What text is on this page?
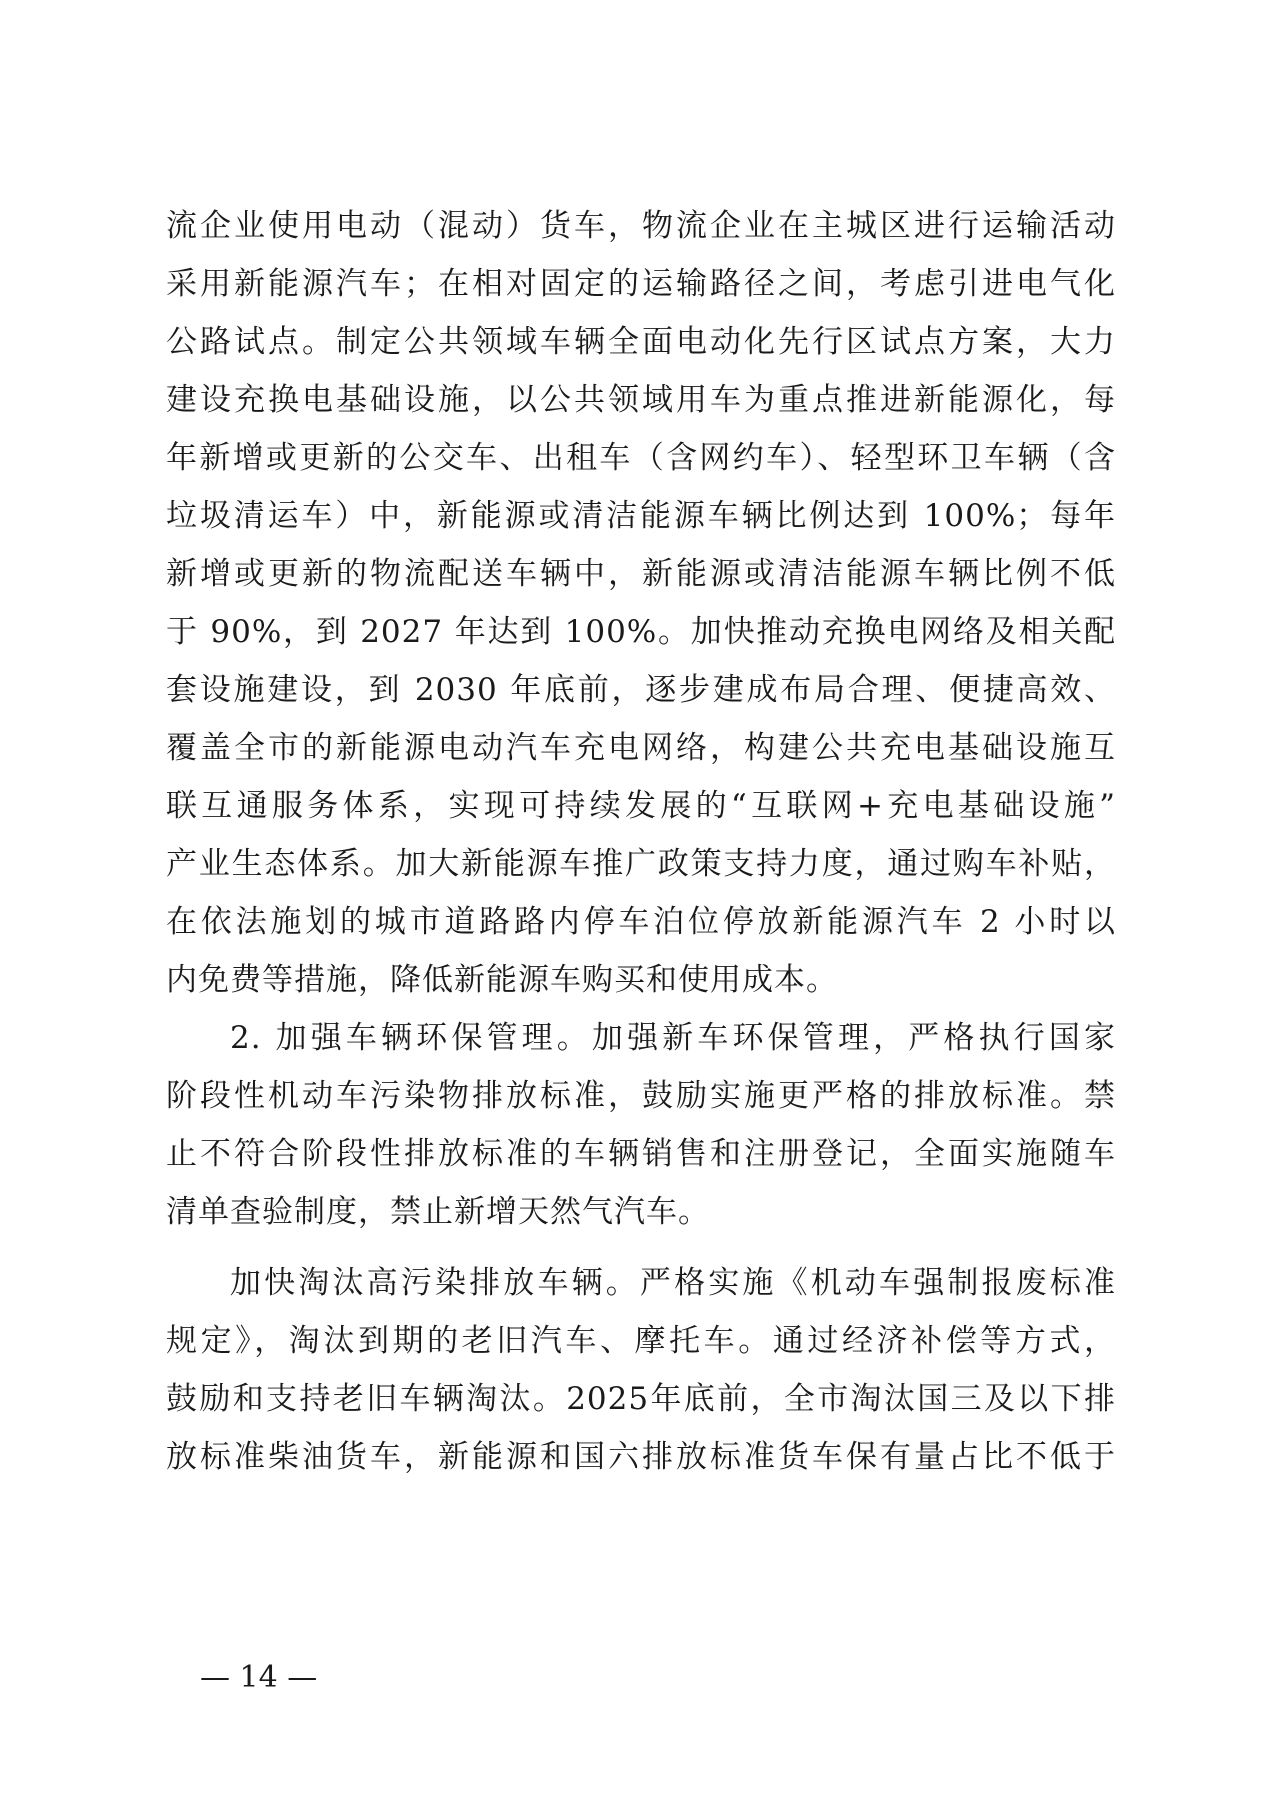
流企业使用电动（混动）货车，物流企业在主城区进行运输活动
采用新能源汽车；在相对固定的运输路径之间，考虑引进电气化
公路试点。制定公共领域车辆全面电动化先行区试点方案，大力
建设充换电基础设施，以公共领域用车为重点推进新能源化，每
年新增或更新的公交车、出租车（含网约车）、轻型环卫车辆（含
垃圾清运车）中，新能源或清洁能源车辆比例达到 100%；每年
新增或更新的物流配送车辆中，新能源或清洁能源车辆比例不低
于 90%，到 2027 年达到 100%。加快推动充换电网络及相关配
套设施建设，到 2030 年底前，逐步建成布局合理、便捷高效、
覆盖全市的新能源电动汽车充电网络，构建公共充电基础设施互
联互通服务体系，实现可持续发展的“互联网+充电基础设施”
产业生态体系。加大新能源车推广政策支持力度，通过购车补贴，
在依法施划的城市道路路内停车泊位停放新能源汽车 2 小时以
内免费等措施，降低新能源车购买和使用成本。
2. 加强车辆环保管理。加强新车环保管理，严格执行国家
阶段性机动车污染物排放标准，鼓励实施更严格的排放标准。禁
止不符合阶段性排放标准的车辆销售和注册登记，全面实施随车
清单查验制度，禁止新增天然气汽车。
加快淘汰高污染排放车辆。严格实施《机动车强制报废标准
规定》，淘汰到期的老旧汽车、摩托车。通过经济补偿等方式，
鼓励和支持老旧车辆淘汰。2025年底前，全市淘汰国三及以下排
放标准柴油货车，新能源和国六排放标准货车保有量占比不低于
— 14 —
